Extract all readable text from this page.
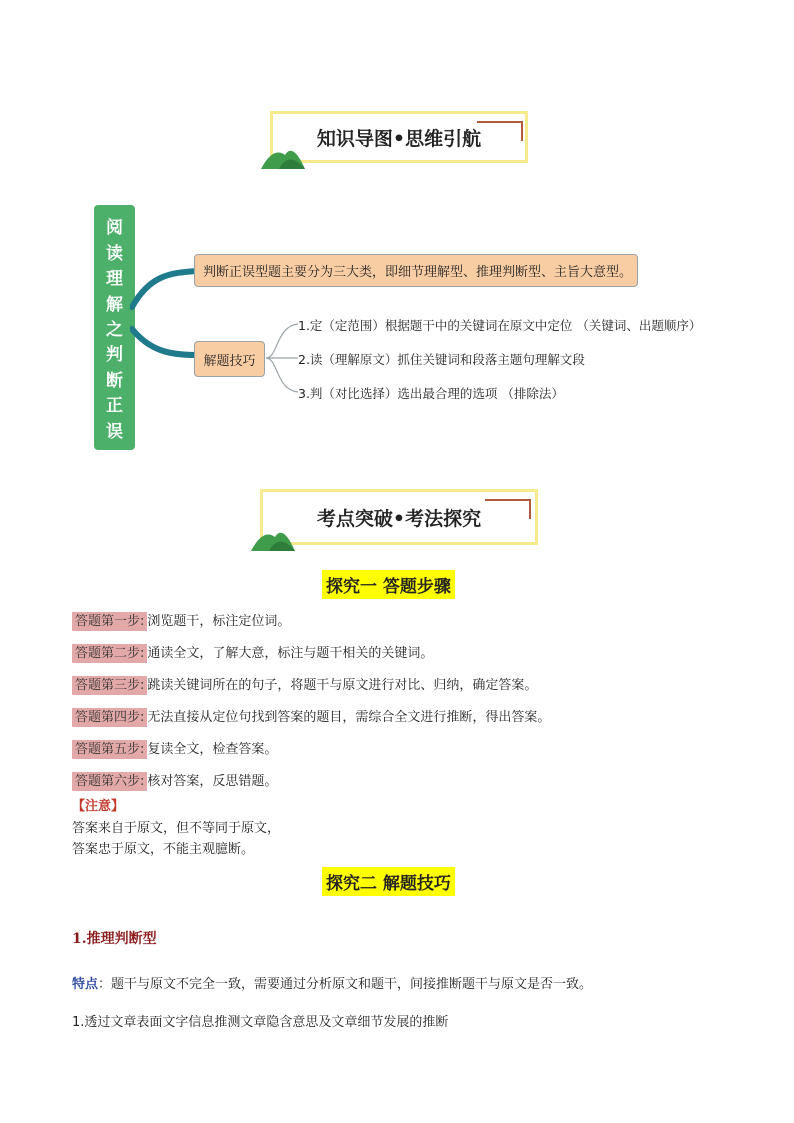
知识导图•思维引航
阅
读
理
解
之
判
断
正
误
判断正误型题主要分为三大类，即细节理解型、推理判断型、主旨大意型。
解题技巧
1.定（定范围）根据题干中的关键词在原文中定位 （关键词、出题顺序）
2.读（理解原文）抓住关键词和段落主题句理解文段
3.判（对比选择）选出最合理的选项 （排除法）
考点突破•考法探究
探究一 答题步骤
答题第一步: 浏览题干，标注定位词。
答题第二步: 通读全文，了解大意，标注与题干相关的关键词。
答题第三步: 跳读关键词所在的句子，将题干与原文进行对比、归纳，确定答案。
答题第四步: 无法直接从定位句找到答案的题目，需综合全文进行推断，得出答案。
答题第五步: 复读全文，检查答案。
答题第六步: 核对答案，反思错题。
【注意】
答案来自于原文，但不等同于原文，
答案忠于原文，不能主观臆断。
探究二 解题技巧
1.推理判断型
特点：题干与原文不完全一致，需要通过分析原文和题干，间接推断题干与原文是否一致。
1.透过文章表面文字信息推测文章隐含意思及文章细节发展的推断
